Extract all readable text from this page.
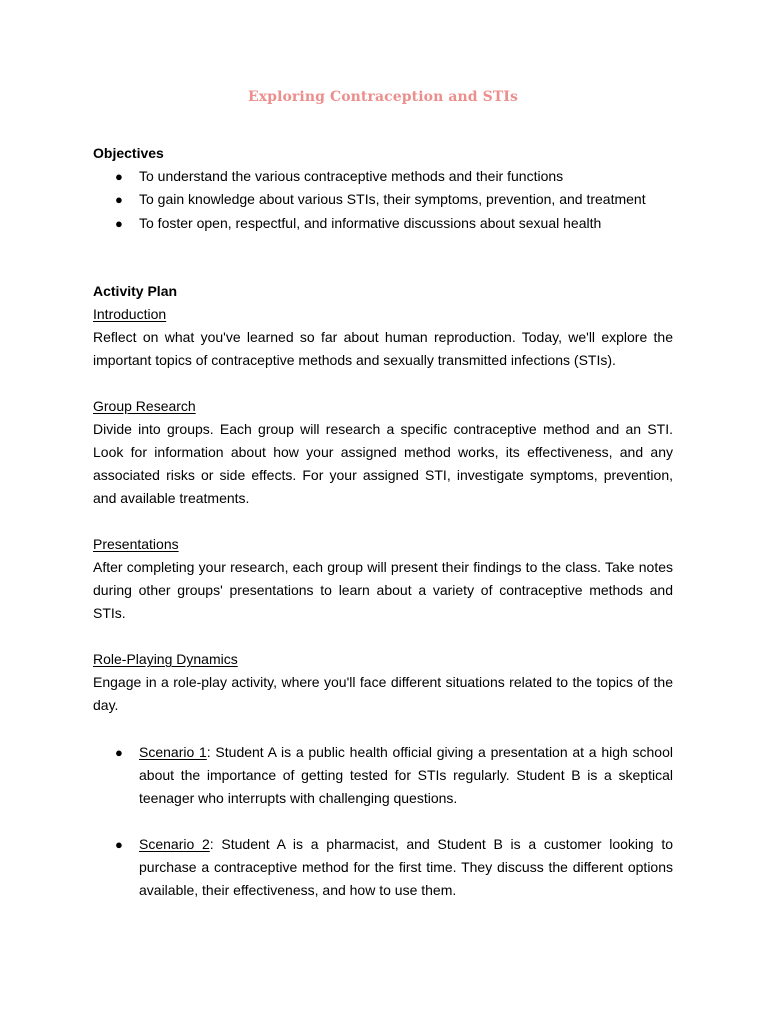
Exploring Contraception and STIs
Objectives
● To understand the various contraceptive methods and their functions
● To gain knowledge about various STIs, their symptoms, prevention, and treatment
● To foster open, respectful, and informative discussions about sexual health
Activity Plan
Introduction

Reflect on what you've learned so far about human reproduction. Today, we'll explore the important topics of contraceptive methods and sexually transmitted infections (STIs).

Group Research

Divide into groups. Each group will research a specific contraceptive method and an STI. Look for information about how your assigned method works, its effectiveness, and any associated risks or side effects. For your assigned STI, investigate symptoms, prevention, and available treatments.

Presentations

After completing your research, each group will present their findings to the class. Take notes during other groups' presentations to learn about a variety of contraceptive methods and STIs.

Role-Playing Dynamics

Engage in a role-play activity, where you'll face different situations related to the topics of the day.

● Scenario 1: Student A is a public health official giving a presentation at a high school about the importance of getting tested for STIs regularly. Student B is a skeptical teenager who interrupts with challenging questions.
● Scenario 2: Student A is a pharmacist, and Student B is a customer looking to purchase a contraceptive method for the first time. They discuss the different options available, their effectiveness, and how to use them.
